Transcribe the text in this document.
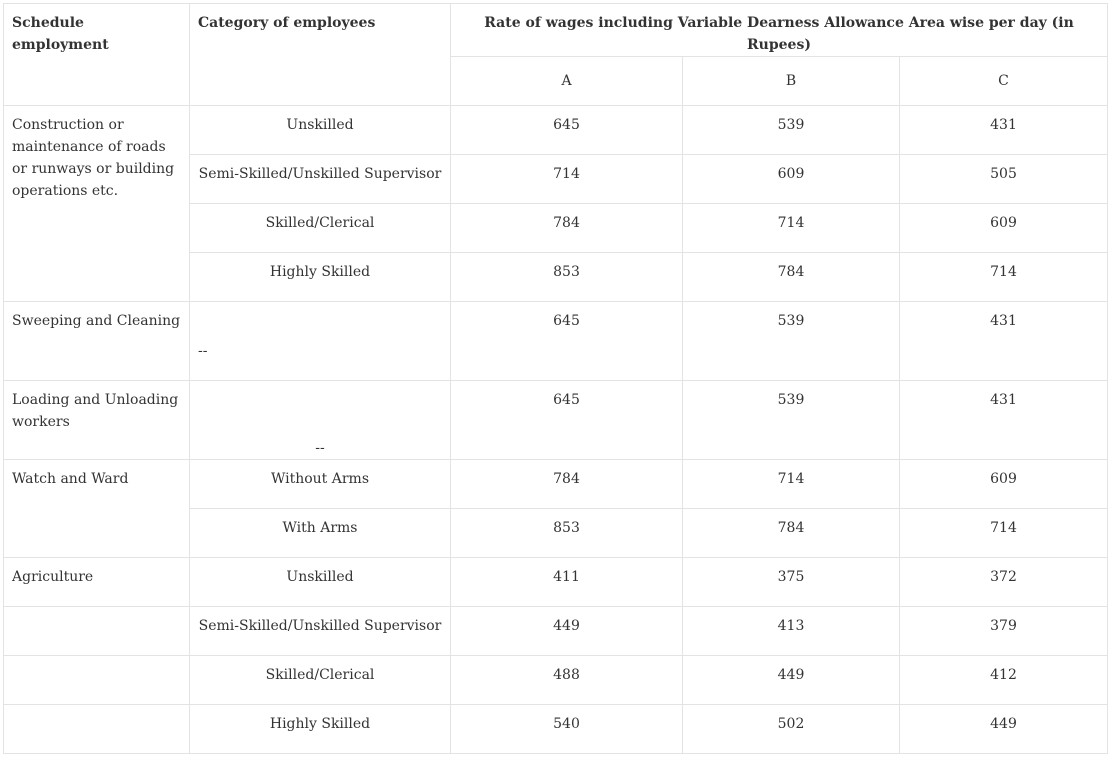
Schedule employment	Category of employees	Rate of wages including Variable Dearness Allowance Area wise per day (in Rupees)		
		A	B	C
Construction or maintenance of roads or runways or building operations etc.	Unskilled	645	539	431
	Semi-Skilled/Unskilled Supervisor	714	609	505
	Skilled/Clerical	784	714	609
	Highly Skilled	853	784	714
Sweeping and Cleaning	--	645	539	431
Loading and Unloading workers	--	645	539	431
Watch and Ward	Without Arms	784	714	609
	With Arms	853	784	714
Agriculture	Unskilled	411	375	372
	Semi-Skilled/Unskilled Supervisor	449	413	379
	Skilled/Clerical	488	449	412
	Highly Skilled	540	502	449
